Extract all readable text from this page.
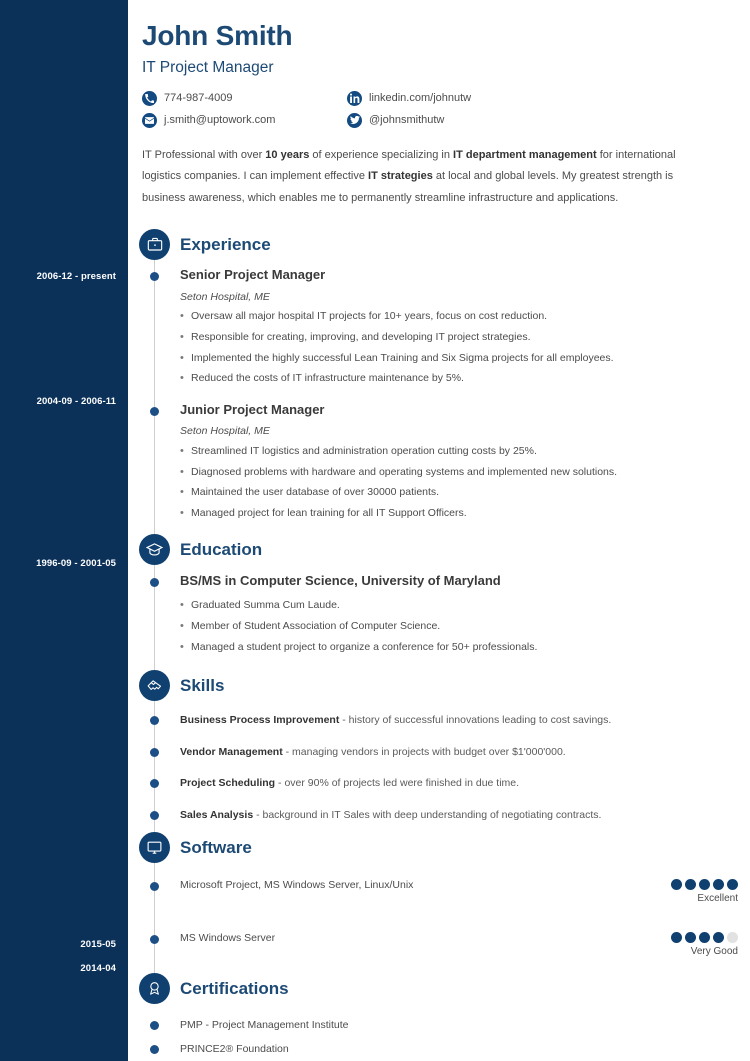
2006-12 - present
2004-09 - 2006-11
1996-09 - 2001-05
2015-05
2014-04
John Smith
IT Project Manager
774-987-4009	linkedin.com/johnutw
j.smith@uptowork.com	@johnsmithutw
IT Professional with over 10 years of experience specializing in IT department management for international logistics companies. I can implement effective IT strategies at local and global levels. My greatest strength is business awareness, which enables me to permanently streamline infrastructure and applications.
Experience
Senior Project Manager
Seton Hospital, ME
• Oversaw all major hospital IT projects for 10+ years, focus on cost reduction.
• Responsible for creating, improving, and developing IT project strategies.
• Implemented the highly successful Lean Training and Six Sigma projects for all employees.
• Reduced the costs of IT infrastructure maintenance by 5%.
Junior Project Manager
Seton Hospital, ME
• Streamlined IT logistics and administration operation cutting costs by 25%.
• Diagnosed problems with hardware and operating systems and implemented new solutions.
• Maintained the user database of over 30000 patients.
• Managed project for lean training for all IT Support Officers.
Education
BS/MS in Computer Science, University of Maryland
• Graduated Summa Cum Laude.
• Member of Student Association of Computer Science.
• Managed a student project to organize a conference for 50+ professionals.
Skills
Business Process Improvement - history of successful innovations leading to cost savings.
Vendor Management - managing vendors in projects with budget over $1'000'000.
Project Scheduling - over 90% of projects led were finished in due time.
Sales Analysis - background in IT Sales with deep understanding of negotiating contracts.
Software
Microsoft Project, MS Windows Server, Linux/Unix
Excellent
MS Windows Server
Very Good
Certifications
PMP - Project Management Institute
PRINCE2® Foundation
